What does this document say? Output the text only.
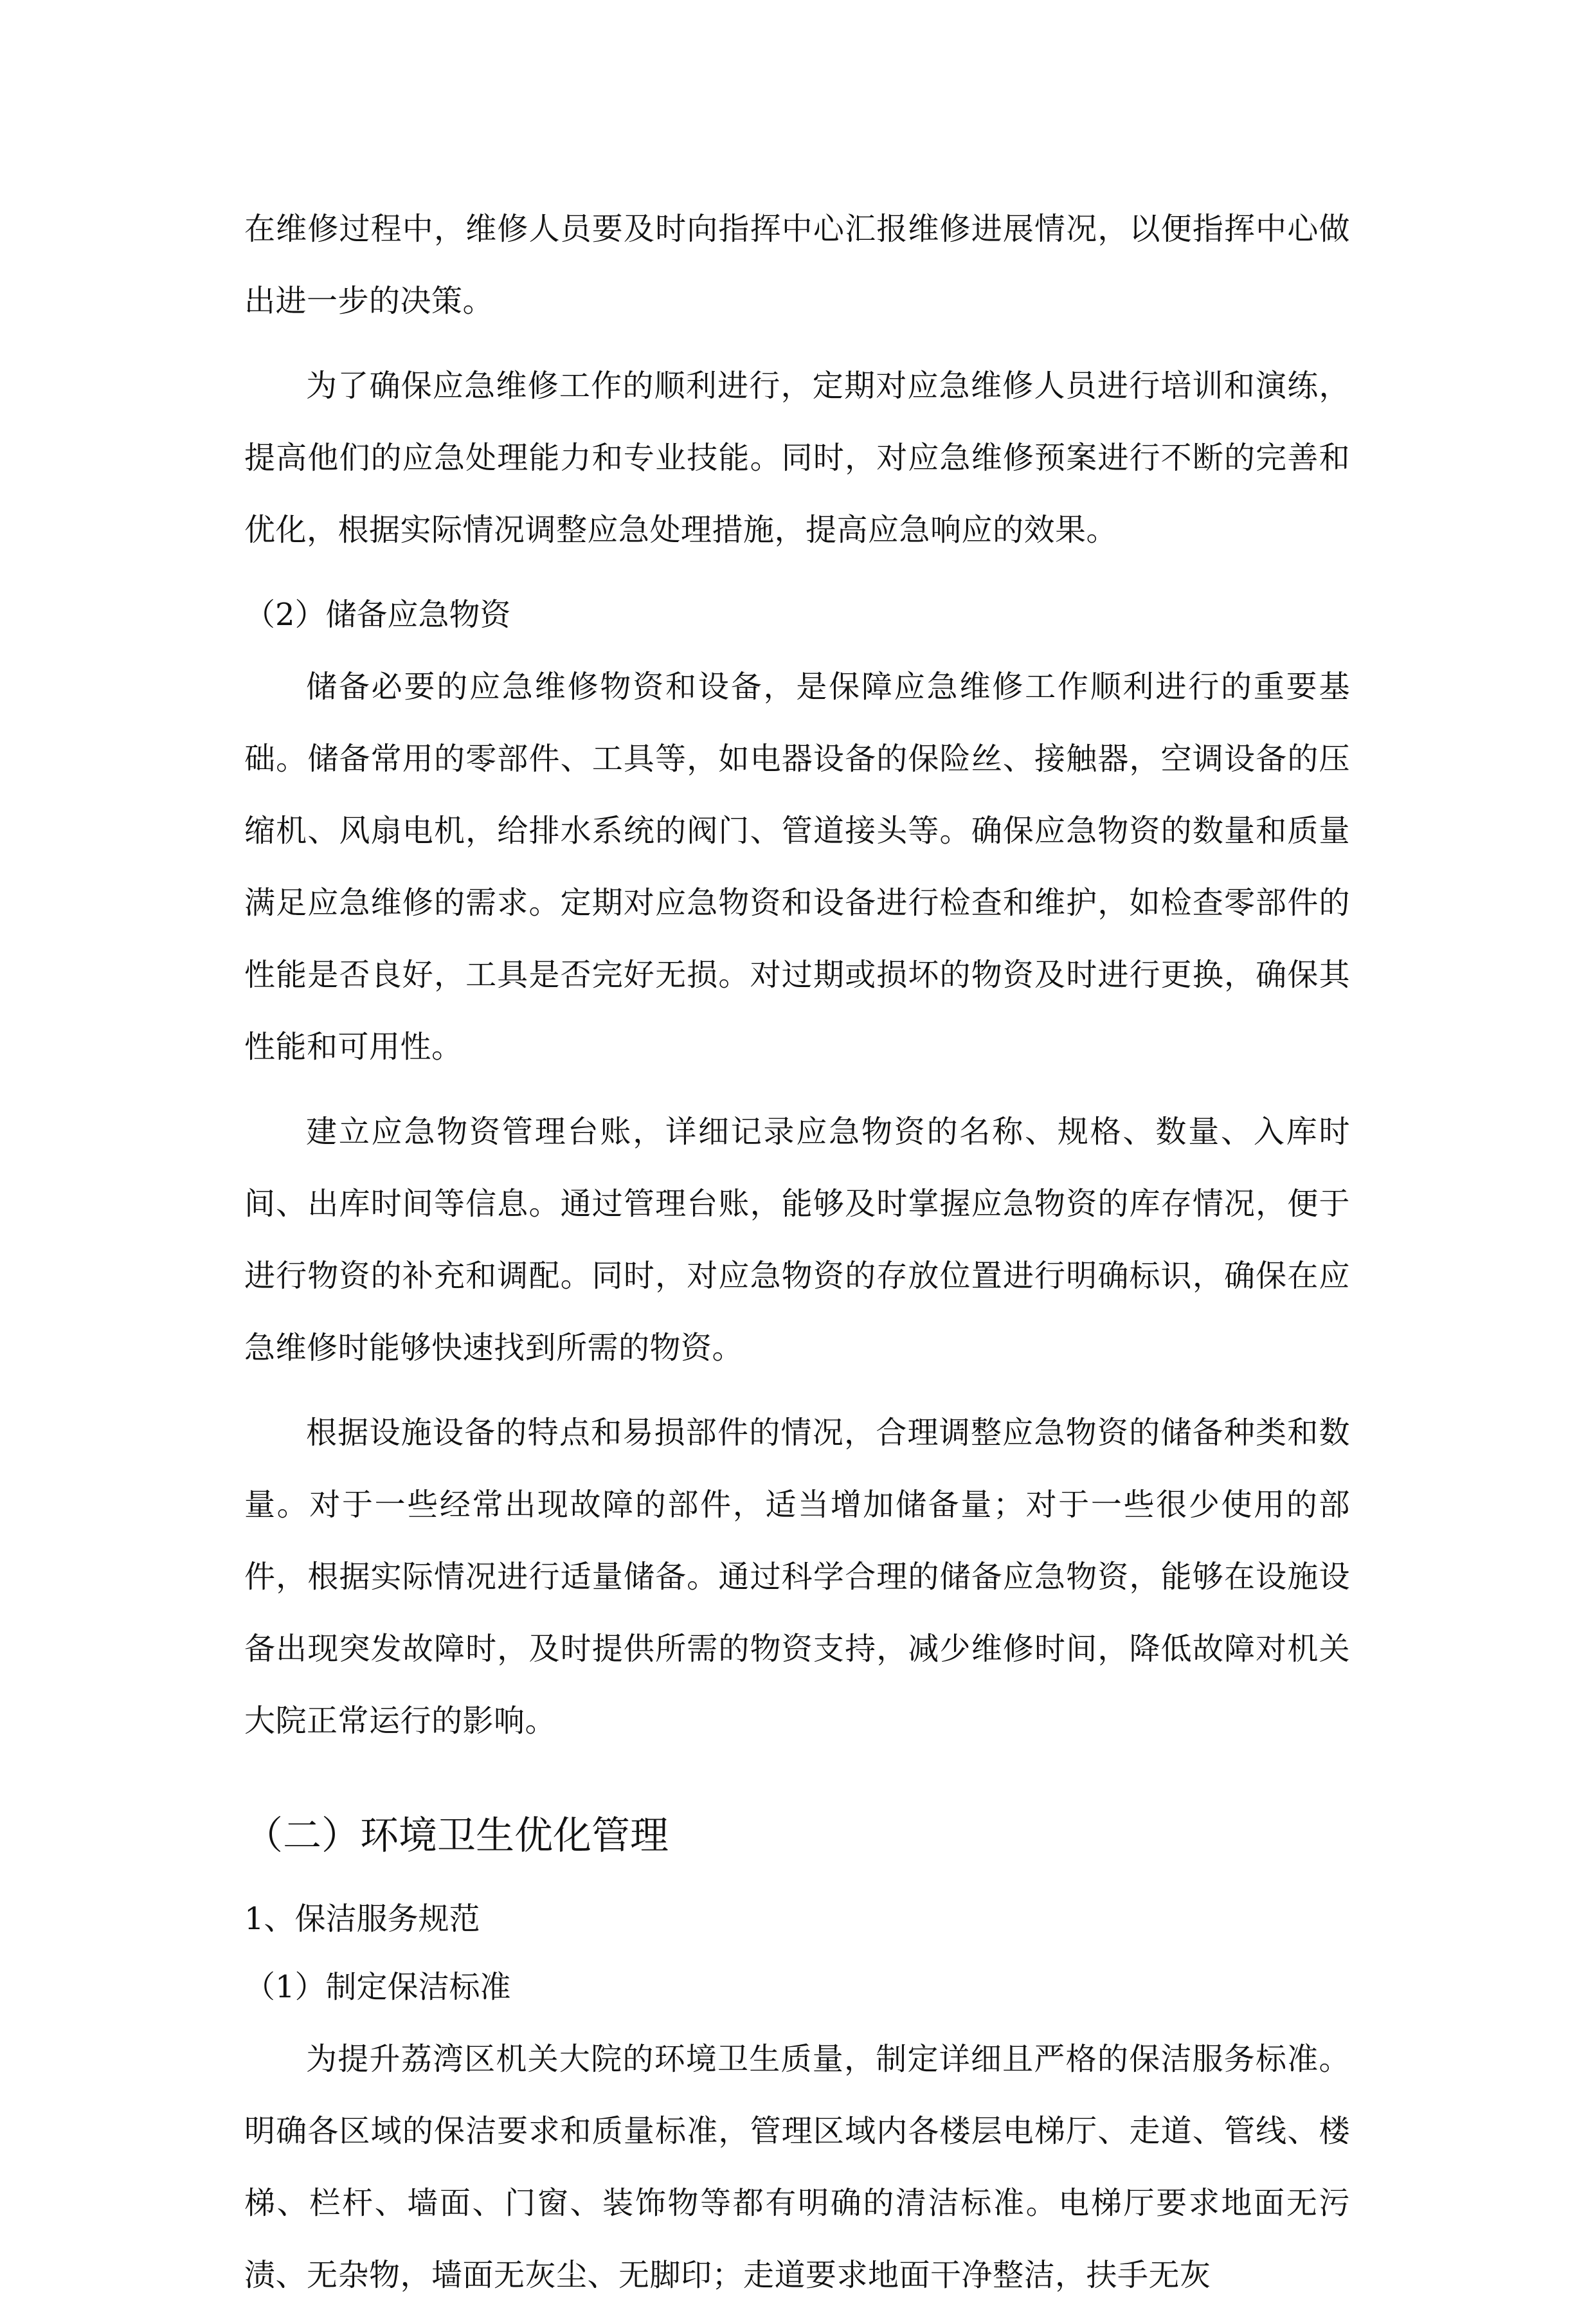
在维修过程中，维修人员要及时向指挥中心汇报维修进展情况，以便指挥中心做出进一步的决策。

为了确保应急维修工作的顺利进行，定期对应急维修人员进行培训和演练，提高他们的应急处理能力和专业技能。同时，对应急维修预案进行不断的完善和优化，根据实际情况调整应急处理措施，提高应急响应的效果。

（2）储备应急物资

储备必要的应急维修物资和设备，是保障应急维修工作顺利进行的重要基础。储备常用的零部件、工具等，如电器设备的保险丝、接触器，空调设备的压缩机、风扇电机，给排水系统的阀门、管道接头等。确保应急物资的数量和质量满足应急维修的需求。定期对应急物资和设备进行检查和维护，如检查零部件的性能是否良好，工具是否完好无损。对过期或损坏的物资及时进行更换，确保其性能和可用性。

建立应急物资管理台账，详细记录应急物资的名称、规格、数量、入库时间、出库时间等信息。通过管理台账，能够及时掌握应急物资的库存情况，便于进行物资的补充和调配。同时，对应急物资的存放位置进行明确标识，确保在应急维修时能够快速找到所需的物资。

根据设施设备的特点和易损部件的情况，合理调整应急物资的储备种类和数量。对于一些经常出现故障的部件，适当增加储备量；对于一些很少使用的部件，根据实际情况进行适量储备。通过科学合理的储备应急物资，能够在设施设备出现突发故障时，及时提供所需的物资支持，减少维修时间，降低故障对机关大院正常运行的影响。

（二）环境卫生优化管理

1、保洁服务规范

（1）制定保洁标准

为提升荔湾区机关大院的环境卫生质量，制定详细且严格的保洁服务标准。明确各区域的保洁要求和质量标准，管理区域内各楼层电梯厅、走道、管线、楼梯、栏杆、墙面、门窗、装饰物等都有明确的清洁标准。电梯厅要求地面无污渍、无杂物，墙面无灰尘、无脚印；走道要求地面干净整洁，扶手无灰
